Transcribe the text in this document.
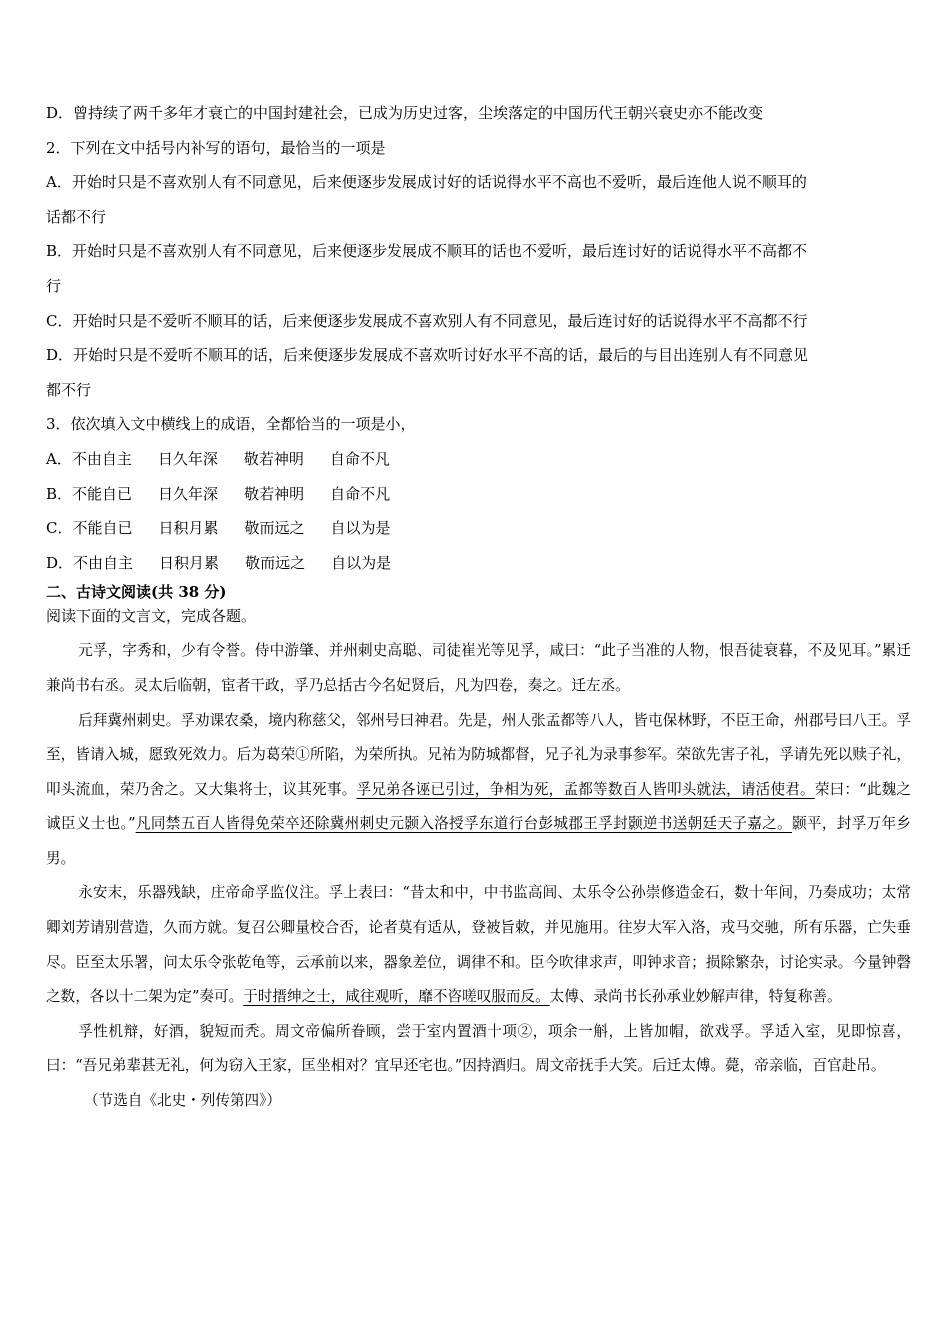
D．曾持续了两千多年才衰亡的中国封建社会，已成为历史过客，尘埃落定的中国历代王朝兴衰史亦不能改变

2．下列在文中括号内补写的语句，最恰当的一项是

A．开始时只是不喜欢别人有不同意见，后来便逐步发展成讨好的话说得水平不高也不爱听，最后连他人说不顺耳的

话都不行

B．开始时只是不喜欢别人有不同意见，后来便逐步发展成不顺耳的话也不爱听，最后连讨好的话说得水平不高都不

行

C．开始时只是不爱听不顺耳的话，后来便逐步发展成不喜欢别人有不同意见，最后连讨好的话说得水平不高都不行

D．开始时只是不爱听不顺耳的话，后来便逐步发展成不喜欢听讨好水平不高的话，最后的与目出连别人有不同意见

都不行

3．依次填入文中横线上的成语，全都恰当的一项是小，

A．不由自主 日久年深 敬若神明 自命不凡

B．不能自已 日久年深 敬若神明 自命不凡

C．不能自已 日积月累 敬而远之 自以为是

D．不由自主 日积月累 敬而远之 自以为是

二、古诗文阅读(共 38 分)

阅读下面的文言文，完成各题。

元孚，字秀和，少有令誉。侍中游肇、并州刺史高聪、司徒崔光等见孚，咸曰：“此子当准的人物，恨吾徒衰暮，不及见耳。”累迁兼尚书右丞。灵太后临朝，宦者干政，孚乃总括古今名妃贤后，凡为四卷，奏之。迁左丞。

后拜冀州刺史。孚劝课农桑，境内称慈父，邻州号曰神君。先是，州人张孟都等八人，皆屯保林野，不臣王命，州郡号曰八王。孚至，皆请入城，愿致死效力。后为葛荣①所陷，为荣所执。兄祐为防城都督，兄子礼为录事参军。荣欲先害子礼，孚请先死以赎子礼，叩头流血，荣乃舍之。又大集将士，议其死事。孚兄弟各诬已引过，争相为死，孟都等数百人皆叩头就法，请活使君。荣曰：“此魏之诚臣义士也。”凡同禁五百人皆得免荣卒还除冀州刺史元颢入洛授孚东道行台彭城郡王孚封颢逆书送朝廷天子嘉之。颢平，封孚万年乡男。

永安末，乐器残缺，庄帝命孚监仪注。孚上表曰：“昔太和中，中书监高闾、太乐令公孙崇修造金石，数十年间，乃奏成功；太常卿刘芳请别营造，久而方就。复召公卿量校合否，论者莫有适从，登被旨敕，并见施用。往岁大军入洛，戎马交驰，所有乐器，亡失垂尽。臣至太乐署，问太乐令张乾龟等，云承前以来，器象差位，调律不和。臣今吹律求声，叩钟求音；损除繁杂，讨论实录。今量钟磬之数，各以十二架为定”奏可。于时搢绅之士，咸往观听，靡不咨嗟叹服而反。太傅、录尚书长孙承业妙解声律，特复称善。

孚性机辩，好酒，貌短而秃。周文帝偏所眷顾，尝于室内置酒十项②，项余一斛，上皆加帽，欲戏孚。孚适入室，见即惊喜，曰：“吾兄弟辈甚无礼，何为窃入王家，匡坐相对？宜早还宅也。”因持酒归。周文帝抚手大笑。后迁太傅。薨，帝亲临，百官赴吊。

（节选自《北史・列传第四》）
